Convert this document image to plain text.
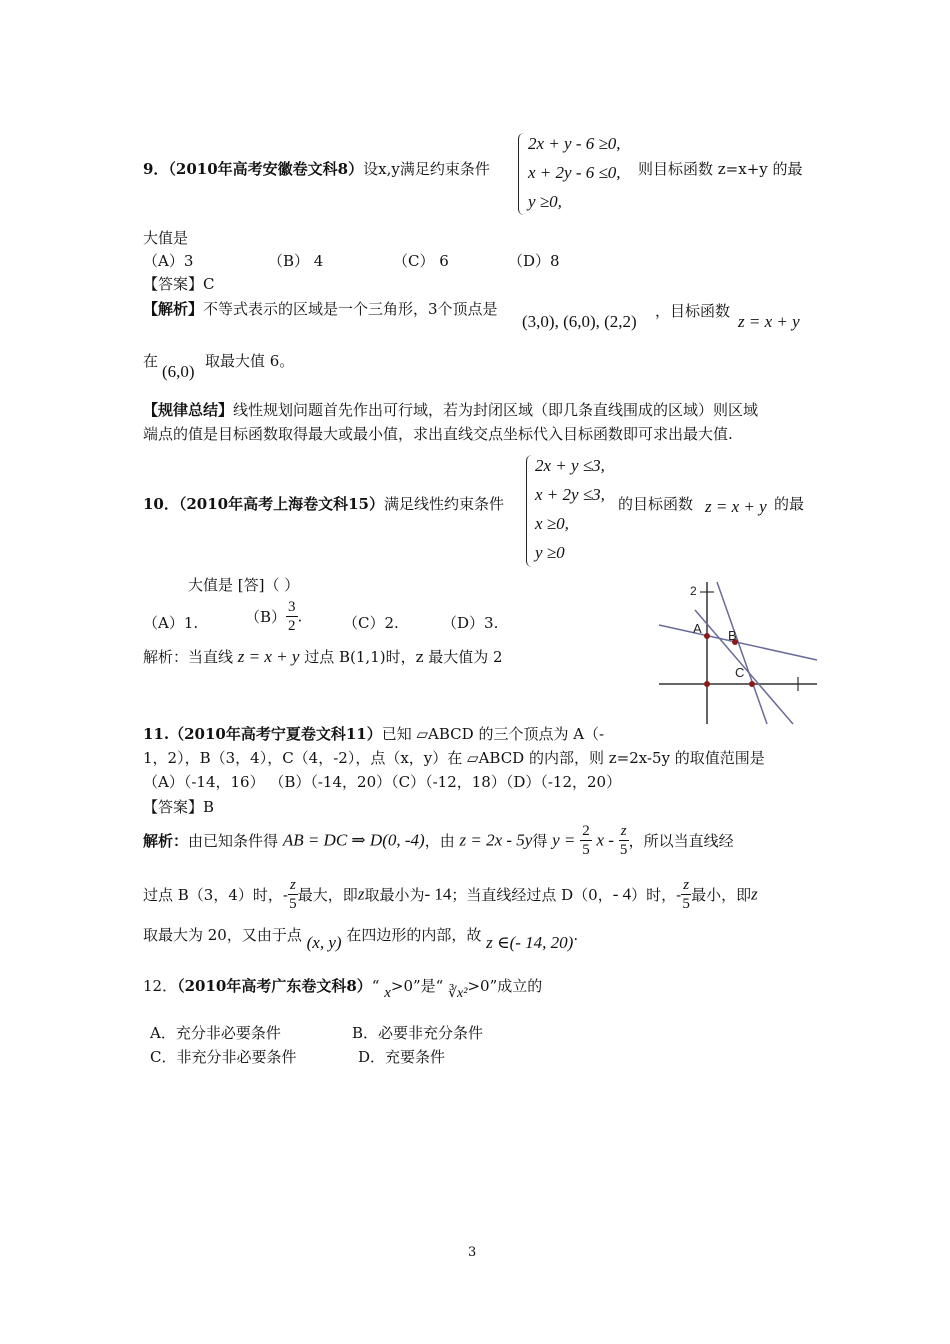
2x + y - 6 ≥0,
x + 2y - 6 ≤0,
y ≥0,
9．（2010年高考安徽卷文科8）设x,y满足约束条件	则目标函数 z=x+y 的最
大值是
（A）3	（B） 4	（C） 6	（D）8
【答案】C
【解析】不等式表示的区域是一个三角形，3个顶点是
(3,0), (6,0), (2,2)
，目标函数
z = x + y
在
(6,0)
取最大值 6。
【规律总结】线性规划问题首先作出可行域，若为封闭区域（即几条直线围成的区域）则区域
端点的值是目标函数取得最大或最小值，求出直线交点坐标代入目标函数即可求出最大值.
2x + y ≤3,
x + 2y ≤3,
x ≥0,
y ≥0
10．（2010年高考上海卷文科15）满足线性约束条件	的目标函数 z = x + y 的最
大值是 [答]（ ）
（A）1.	$(B) \frac{3}{2}$ .	（C）2.	（D）3.
解析：当直线 z = x + y 过点 B(1,1)时，z 最大值为 2
2
A B
C
11.（2010年高考宁夏卷文科11）已知 ▱ABCD 的三个顶点为 A（-
1，2），B（3，4），C（4，-2），点（x，y）在 ▱ABCD 的内部，则 z=2x-5y 的取值范围是
（A）（-14，16） （B）（-14，20）（C）（-12，18）（D）（-12，20）
【答案】B
解析：由已知条件得 AB = DC ⇒ D(0, -4)，由 z = 2x - 5y得 $y = \frac{2}{5}$ x - $\frac{z}{5}$ ，所以当直线经
过点 B（3，4）时，- $\frac{z}{5}$ 最大，即z取最小为- 14；当直线经过点 D（0，- 4）时，- $\frac{z}{5}$ 最小，即z
取最大为 20，又由于点 (x, y) 在四边形的内部，故 z ∈(- 14, 20).
12．（2010年高考广东卷文科8）“ x>0”是“ ∛x²>0”成立的
A．充分非必要条件	B．必要非充分条件
C．非充分非必要条件	D．充要条件
3
